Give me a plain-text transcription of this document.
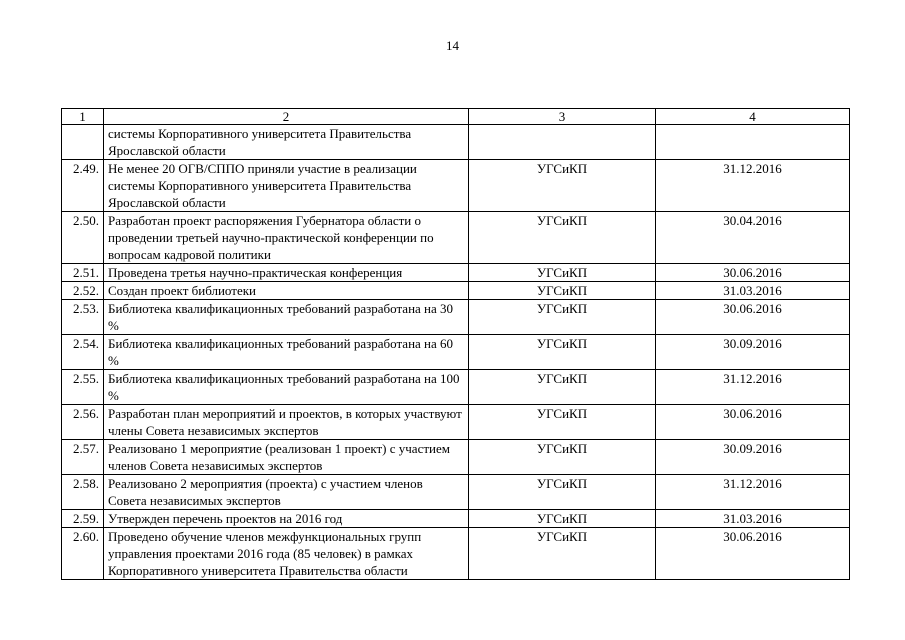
14
1	2	3	4
	системы Корпоративного университета Правительства Ярославской области		
2.49.	Не менее 20 ОГВ/СППО приняли участие в реализации системы Корпоративного университета Правительства Ярославской области	УГСиКП	31.12.2016
2.50.	Разработан проект распоряжения Губернатора области о проведении третьей научно-практической конференции по вопросам кадровой политики	УГСиКП	30.04.2016
2.51.	Проведена третья научно-практическая конференция	УГСиКП	30.06.2016
2.52.	Создан проект библиотеки	УГСиКП	31.03.2016
2.53.	Библиотека квалификационных требований разработана на 30 %	УГСиКП	30.06.2016
2.54.	Библиотека квалификационных требований разработана на 60 %	УГСиКП	30.09.2016
2.55.	Библиотека квалификационных требований разработана на 100 %	УГСиКП	31.12.2016
2.56.	Разработан план мероприятий и проектов, в которых участвуют члены Совета независимых экспертов	УГСиКП	30.06.2016
2.57.	Реализовано 1 мероприятие (реализован 1 проект) с участием членов Совета независимых экспертов	УГСиКП	30.09.2016
2.58.	Реализовано 2 мероприятия (проекта) с участием членов Совета независимых экспертов	УГСиКП	31.12.2016
2.59.	Утвержден перечень проектов на 2016 год	УГСиКП	31.03.2016
2.60.	Проведено обучение членов межфункциональных групп управления проектами 2016 года (85 человек) в рамках Корпоративного университета Правительства области	УГСиКП	30.06.2016
